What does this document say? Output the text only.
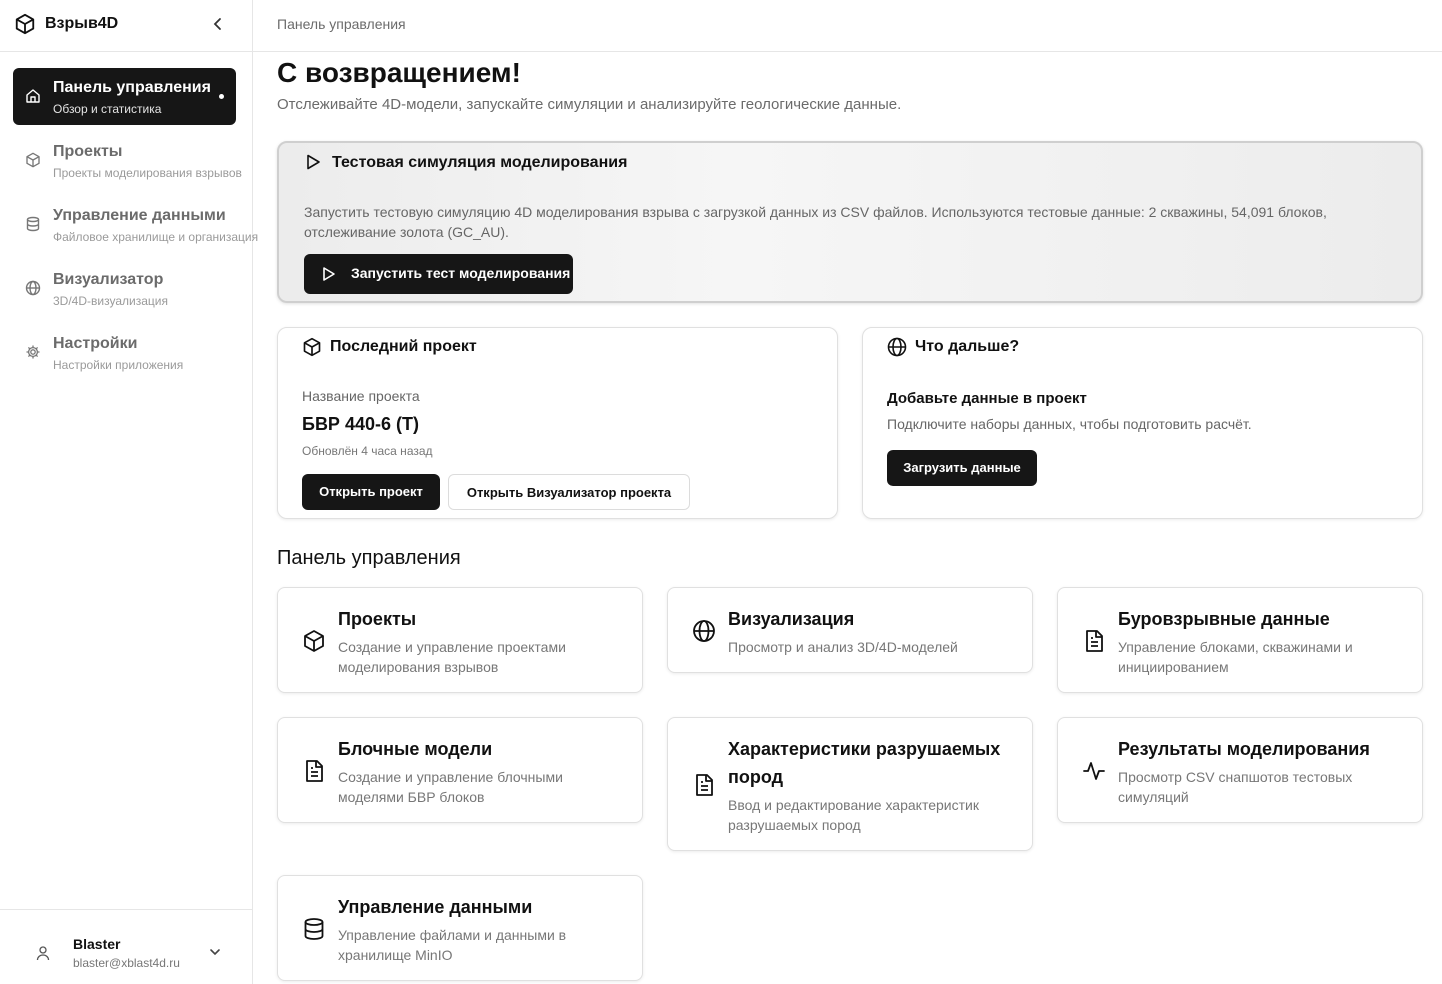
Взрыв4D
Панель управления
Обзор и статистика
Проекты
Проекты моделирования взрывов
Управление данными
Файловое хранилище и организация
Визуализатор
3D/4D-визуализация
Настройки
Настройки приложения
Blaster
blaster@xblast4d.ru
Панель управления
С возвращением!

Отслеживайте 4D-модели, запускайте симуляции и анализируйте геологические данные.

Тестовая симуляция моделирования

Запустить тестовую симуляцию 4D моделирования взрыва с загрузкой данных из CSV файлов. Используются тестовые данные: 2 скважины, 54,091 блоков, отслеживание золота (GC_AU).

Запустить тест моделирования
Последний проект
Название проекта
БВР 440-6 (Т)
Обновлён 4 часа назад
Открыть проект	Открыть Визуализатор проекта
Что дальше?
Добавьте данные в проект
Подключите наборы данных, чтобы подготовить расчёт.
Загрузить данные
Панель управления
Проекты
Создание и управление проектами моделирования взрывов
Визуализация
Просмотр и анализ 3D/4D-моделей
Буровзрывные данные
Управление блоками, скважинами и инициированием
Блочные модели
Создание и управление блочными моделями БВР блоков
Характеристики разрушаемых пород
Ввод и редактирование характеристик разрушаемых пород
Результаты моделирования
Просмотр CSV снапшотов тестовых симуляций
Управление данными
Управление файлами и данными в хранилище MinIO
